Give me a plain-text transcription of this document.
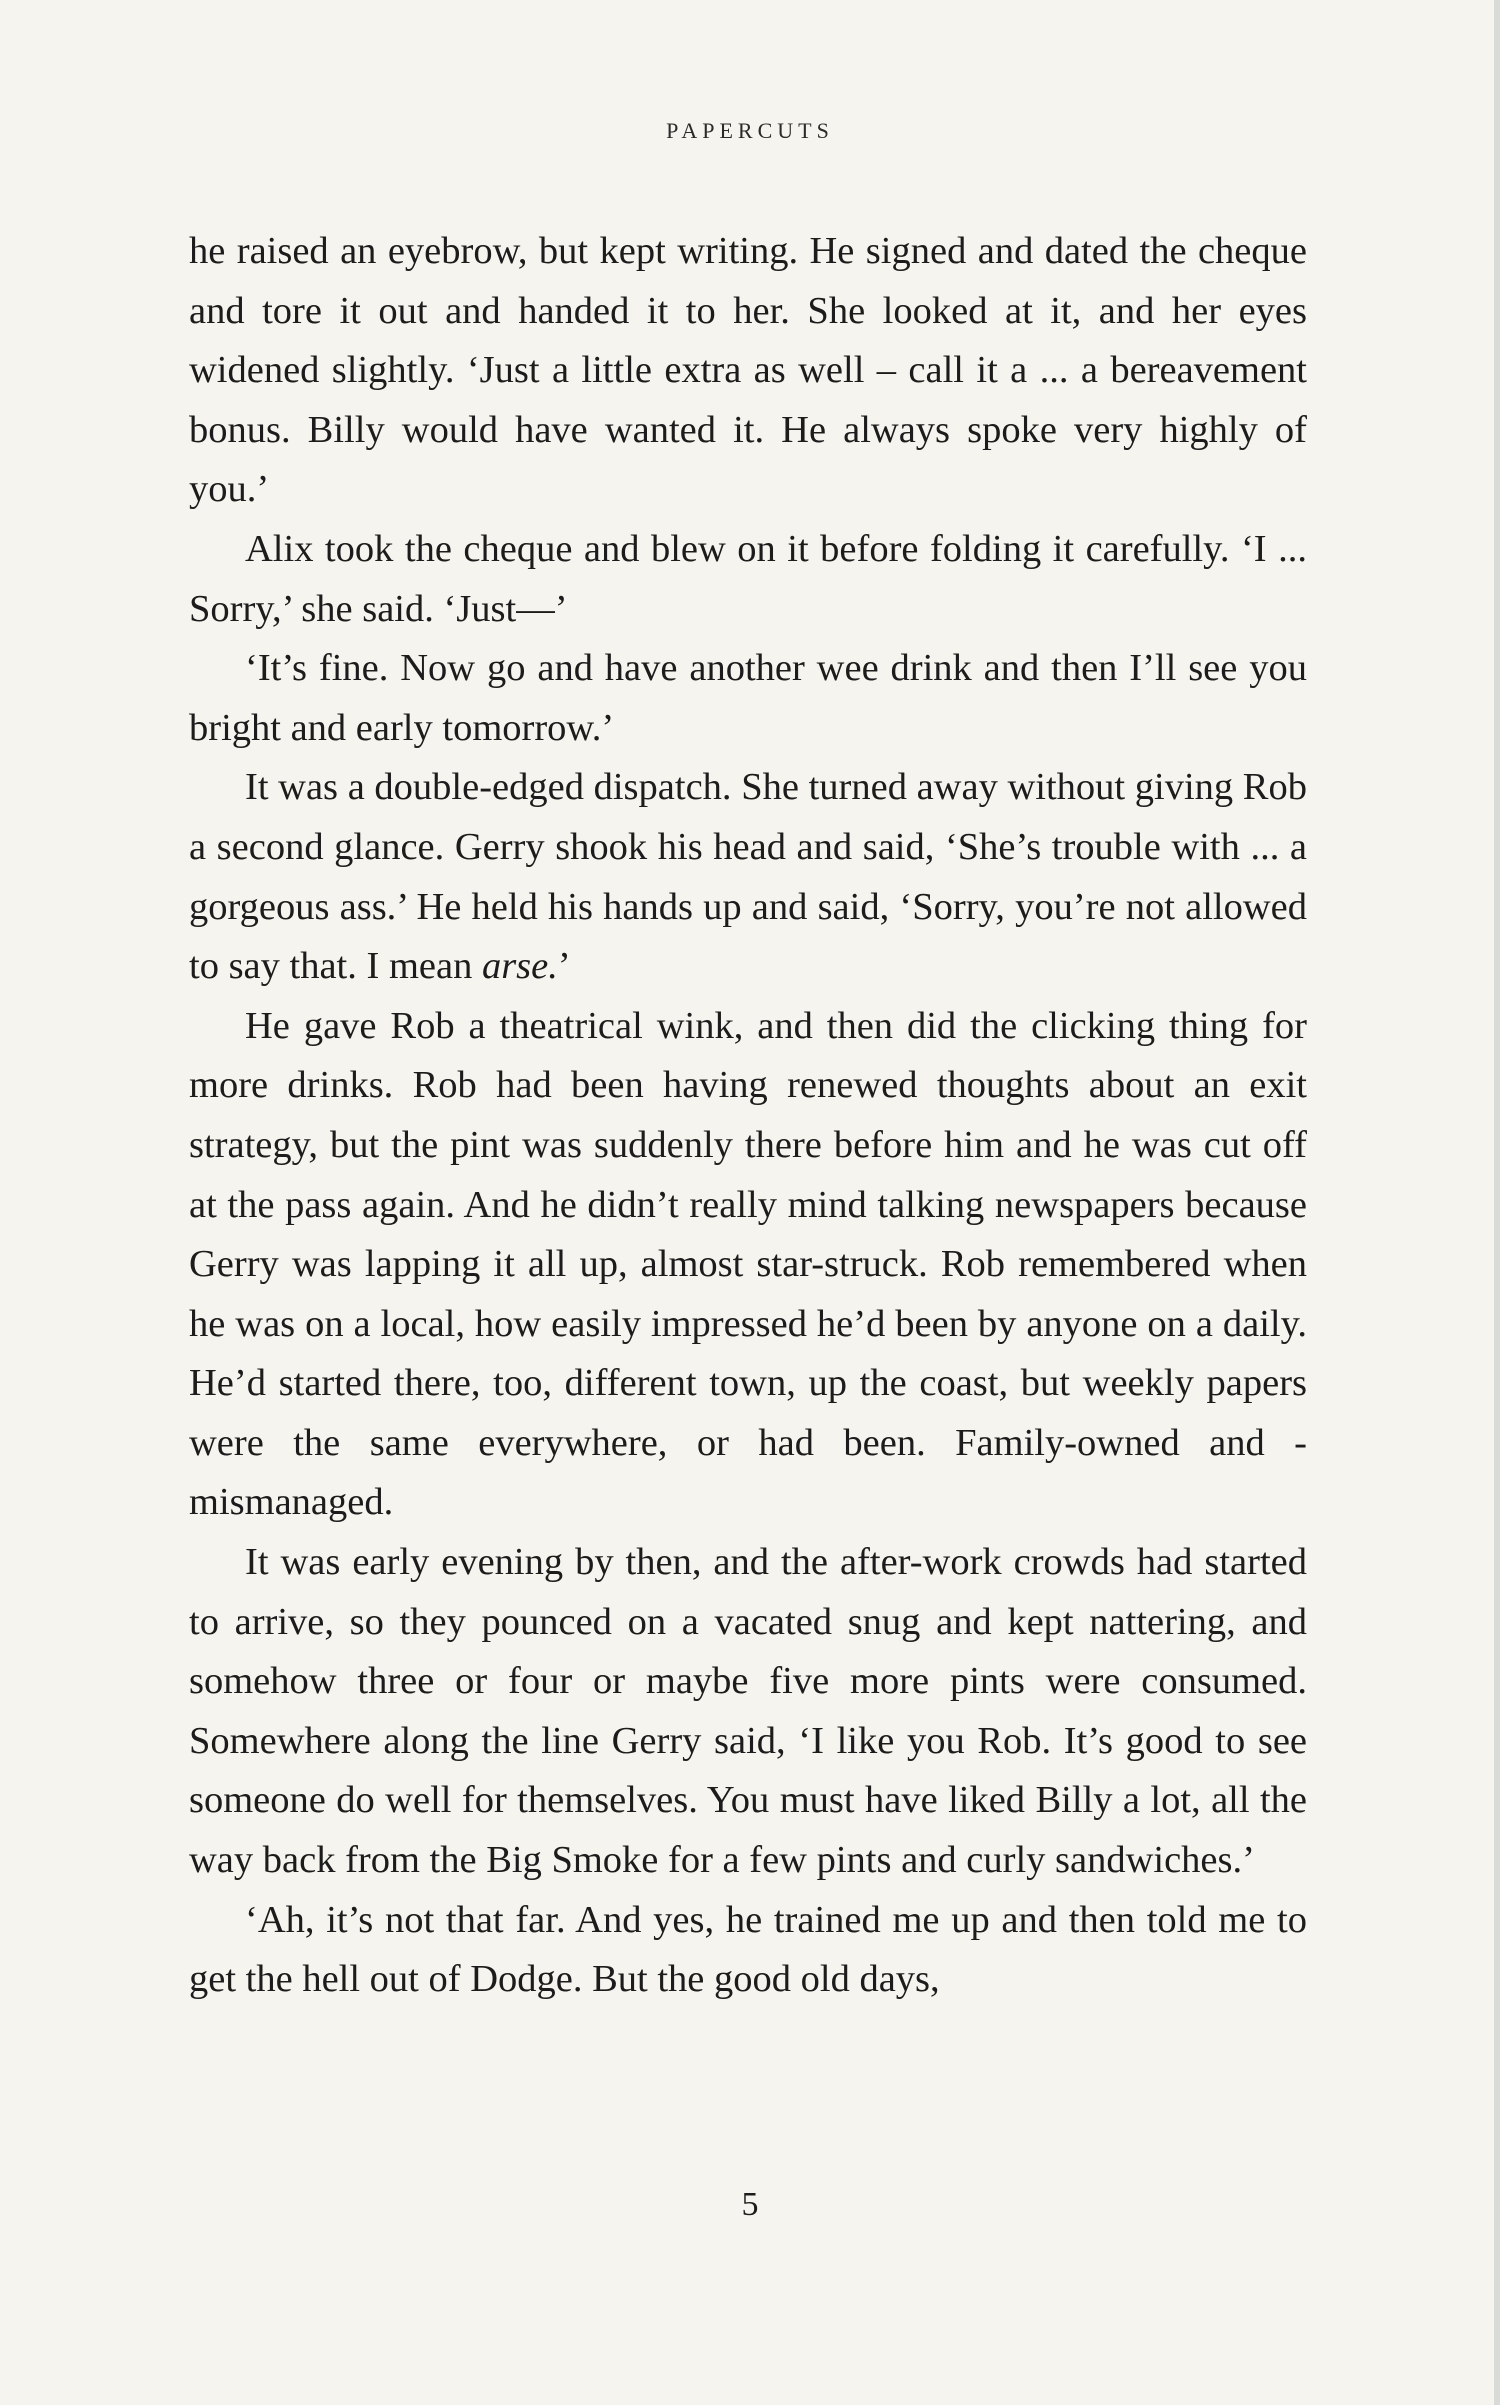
PAPERCUTS

he raised an eyebrow, but kept writing. He signed and dated the cheque and tore it out and handed it to her. She looked at it, and her eyes widened slightly. ‘Just a little extra as well – call it a ... a bereavement bonus. Billy would have wanted it. He always spoke very highly of you.’

Alix took the cheque and blew on it before folding it carefully. ‘I ... Sorry,’ she said. ‘Just—’

‘It’s fine. Now go and have another wee drink and then I’ll see you bright and early tomorrow.’

It was a double-edged dispatch. She turned away without giving Rob a second glance. Gerry shook his head and said, ‘She’s trouble with ... a gorgeous ass.’ He held his hands up and said, ‘Sorry, you’re not allowed to say that. I mean arse.’

He gave Rob a theatrical wink, and then did the clicking thing for more drinks. Rob had been having renewed thoughts about an exit strategy, but the pint was suddenly there before him and he was cut off at the pass again. And he didn’t really mind talking newspapers because Gerry was lapping it all up, almost star-struck. Rob remembered when he was on a local, how easily impressed he’d been by anyone on a daily. He’d started there, too, different town, up the coast, but weekly papers were the same everywhere, or had been. Family-owned and -mismanaged.

It was early evening by then, and the after-work crowds had started to arrive, so they pounced on a vacated snug and kept nattering, and somehow three or four or maybe five more pints were consumed. Somewhere along the line Gerry said, ‘I like you Rob. It’s good to see someone do well for themselves. You must have liked Billy a lot, all the way back from the Big Smoke for a few pints and curly sandwiches.’

‘Ah, it’s not that far. And yes, he trained me up and then told me to get the hell out of Dodge. But the good old days,

5
